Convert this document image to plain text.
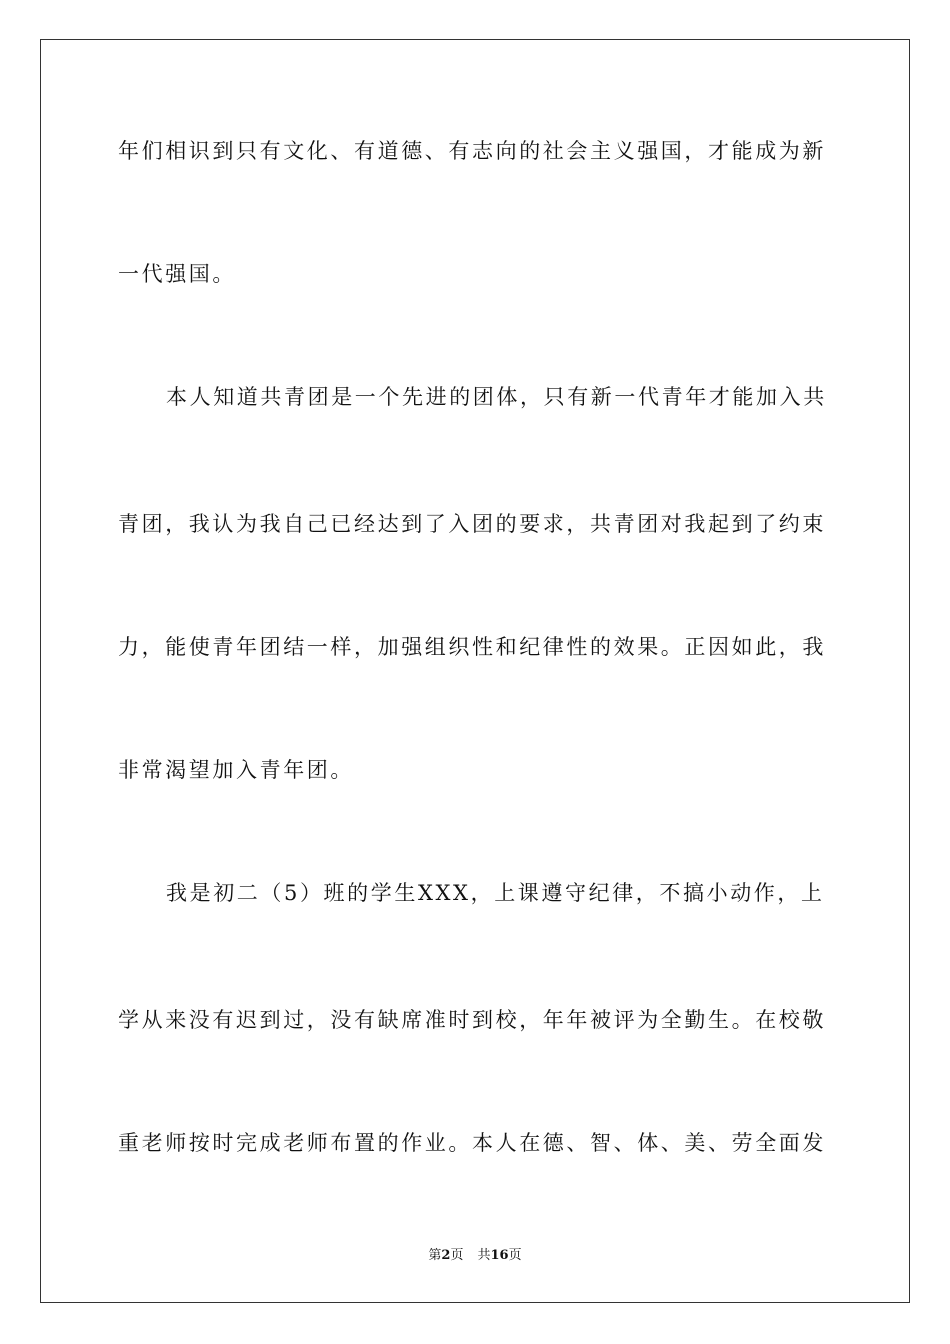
年们相识到只有文化、有道德、有志向的社会主义强国，才能成为新
一代强国。
本人知道共青团是一个先进的团体，只有新一代青年才能加入共
青团，我认为我自己已经达到了入团的要求，共青团对我起到了约束
力，能使青年团结一样，加强组织性和纪律性的效果。正因如此，我
非常渴望加入青年团。
我是初二（5）班的学生XXX，上课遵守纪律，不搞小动作，上
学从来没有迟到过，没有缺席准时到校，年年被评为全勤生。在校敬
重老师按时完成老师布置的作业。本人在德、智、体、美、劳全面发
第2页 共16页
